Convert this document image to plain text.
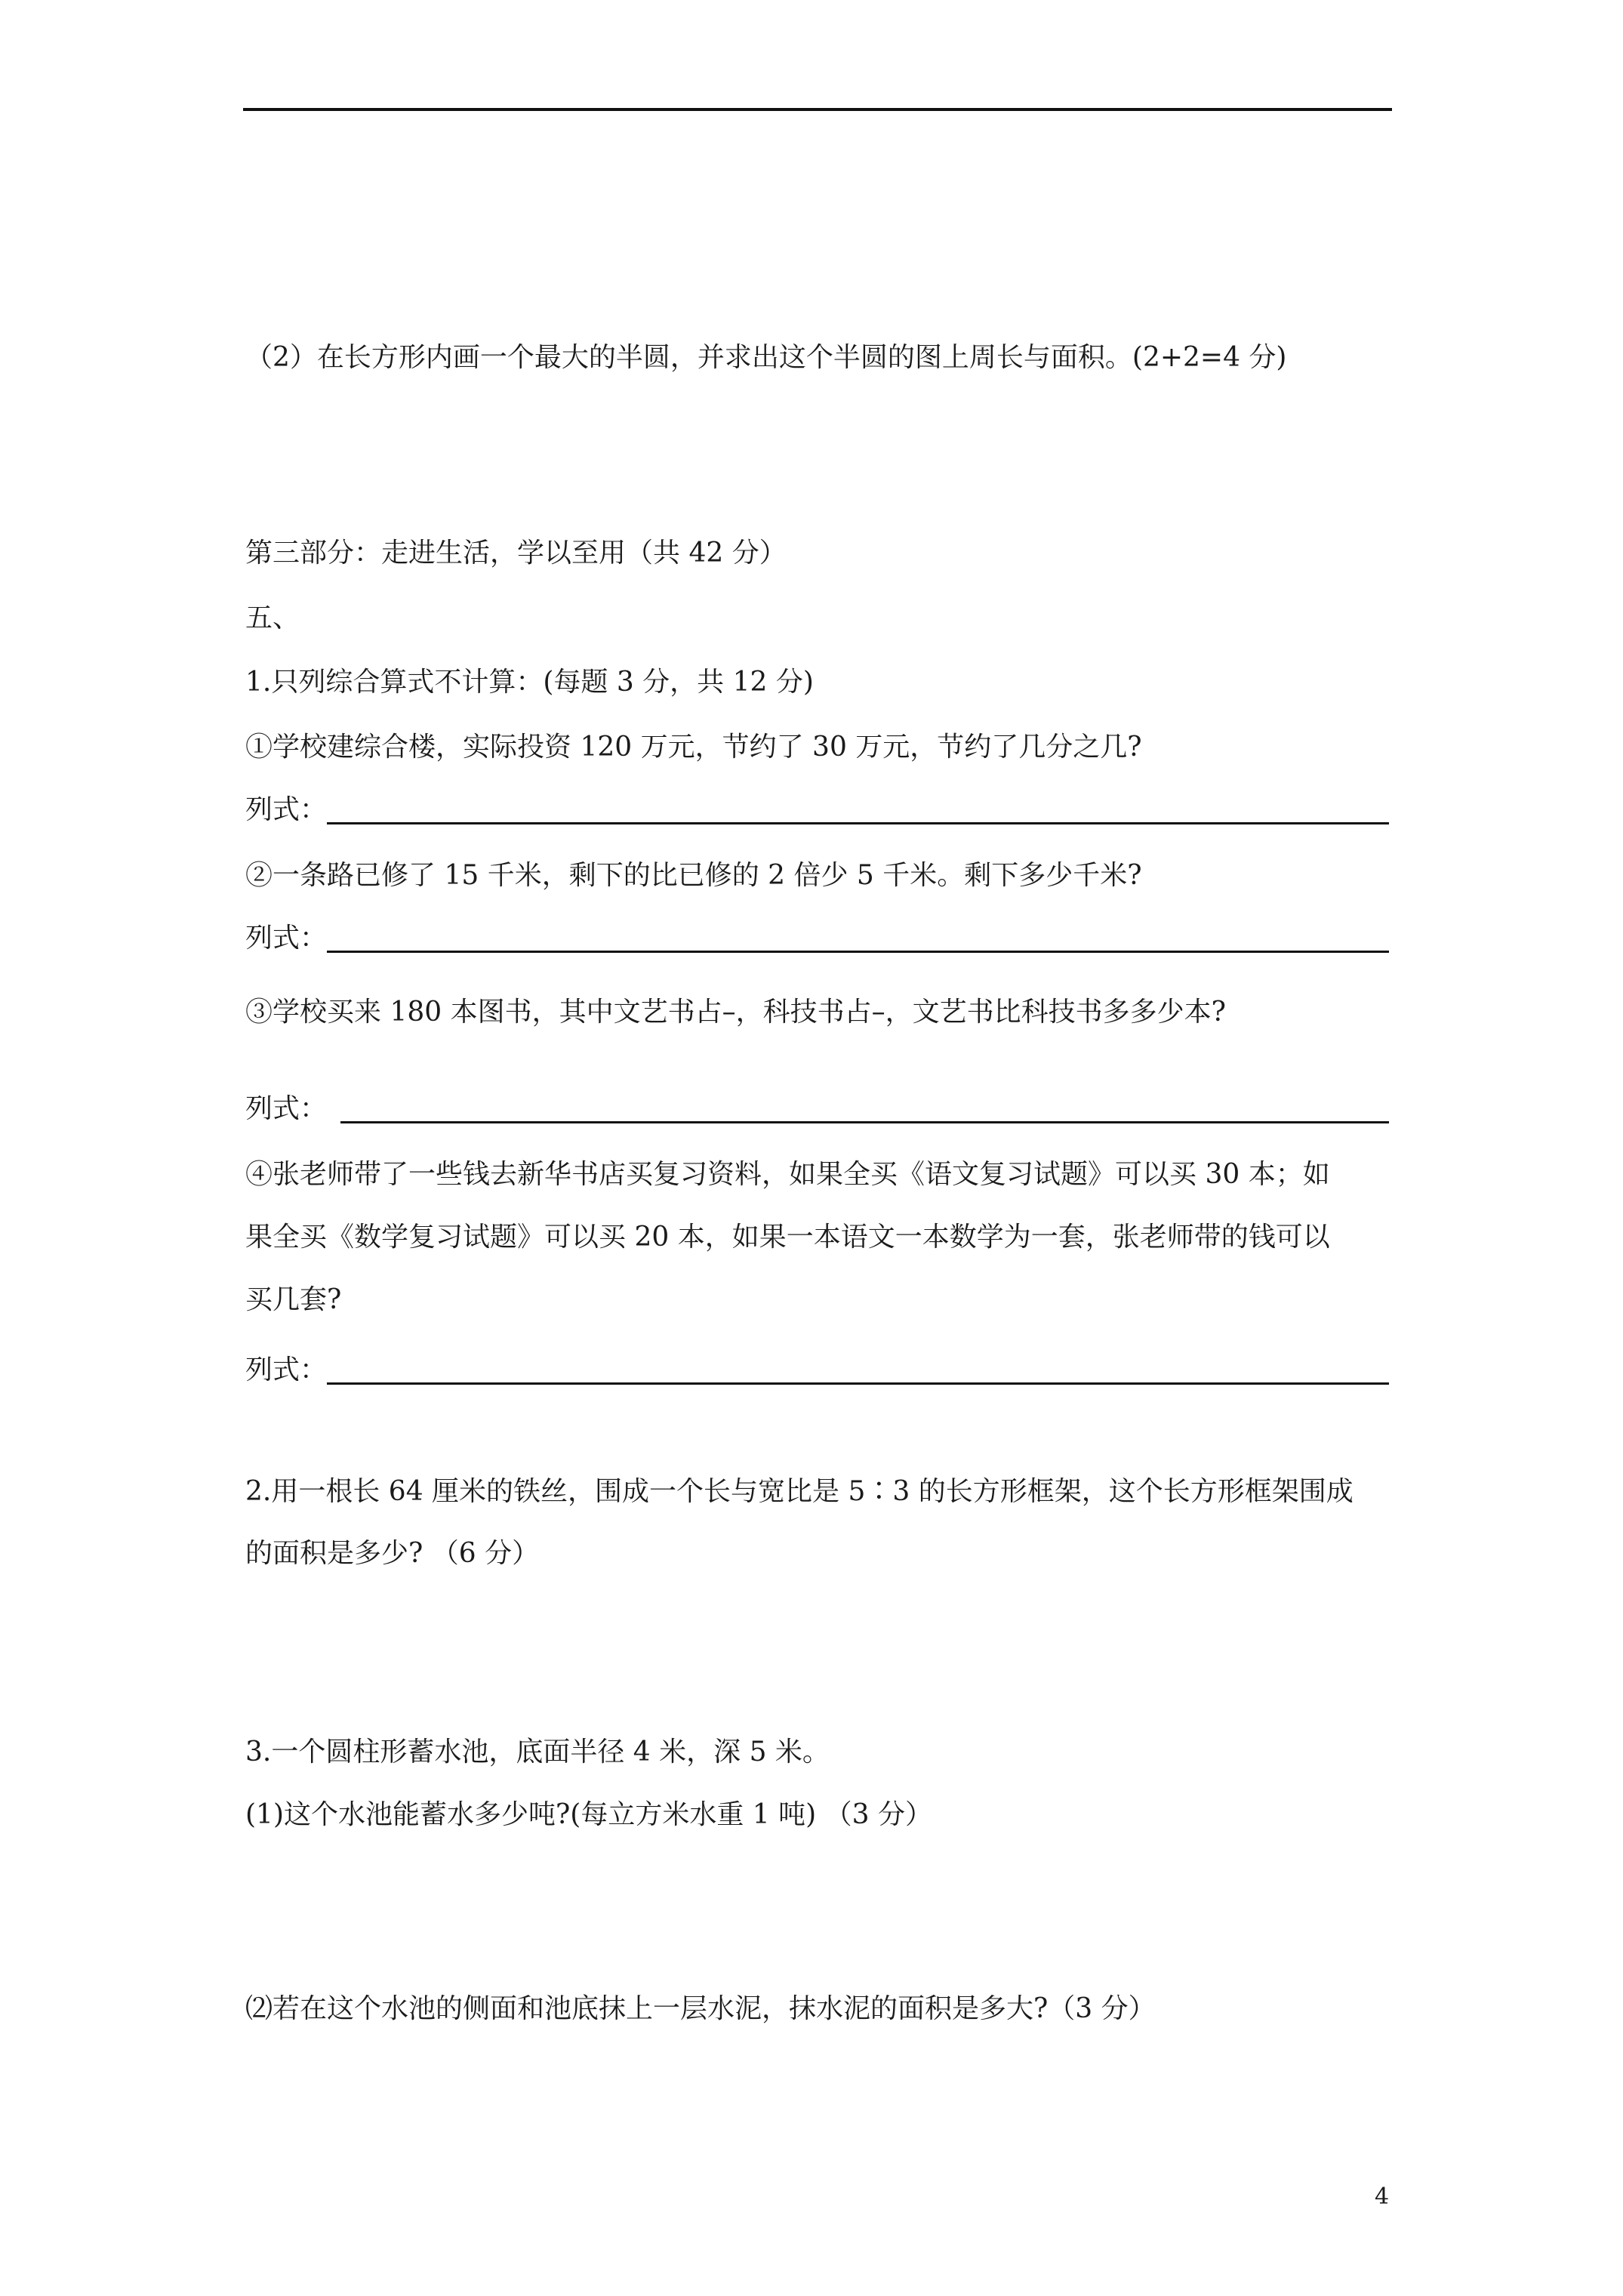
（2）在长方形内画一个最大的半圆，并求出这个半圆的图上周长与面积。(2+2=4 分)
第三部分：走进生活，学以至用（共 42 分）
五、
1.只列综合算式不计算：(每题 3 分，共 12 分)
①学校建综合楼，实际投资 120 万元，节约了 30 万元，节约了几分之几?
列式：
②一条路已修了 15 千米，剩下的比已修的 2 倍少 5 千米。剩下多少千米?
列式：
③学校买来 180 本图书，其中文艺书占–，科技书占–，文艺书比科技书多多少本?
列式：
④张老师带了一些钱去新华书店买复习资料，如果全买《语文复习试题》可以买 30 本；如
果全买《数学复习试题》可以买 20 本，如果一本语文一本数学为一套，张老师带的钱可以
买几套?
列式：
2.用一根长 64 厘米的铁丝，围成一个长与宽比是 5∶3 的长方形框架，这个长方形框架围成
的面积是多少? （6 分）
3.一个圆柱形蓄水池，底面半径 4 米，深 5 米。
(1)这个水池能蓄水多少吨?(每立方米水重 1 吨) （3 分）
⑵若在这个水池的侧面和池底抹上一层水泥，抹水泥的面积是多大?（3 分）
4
